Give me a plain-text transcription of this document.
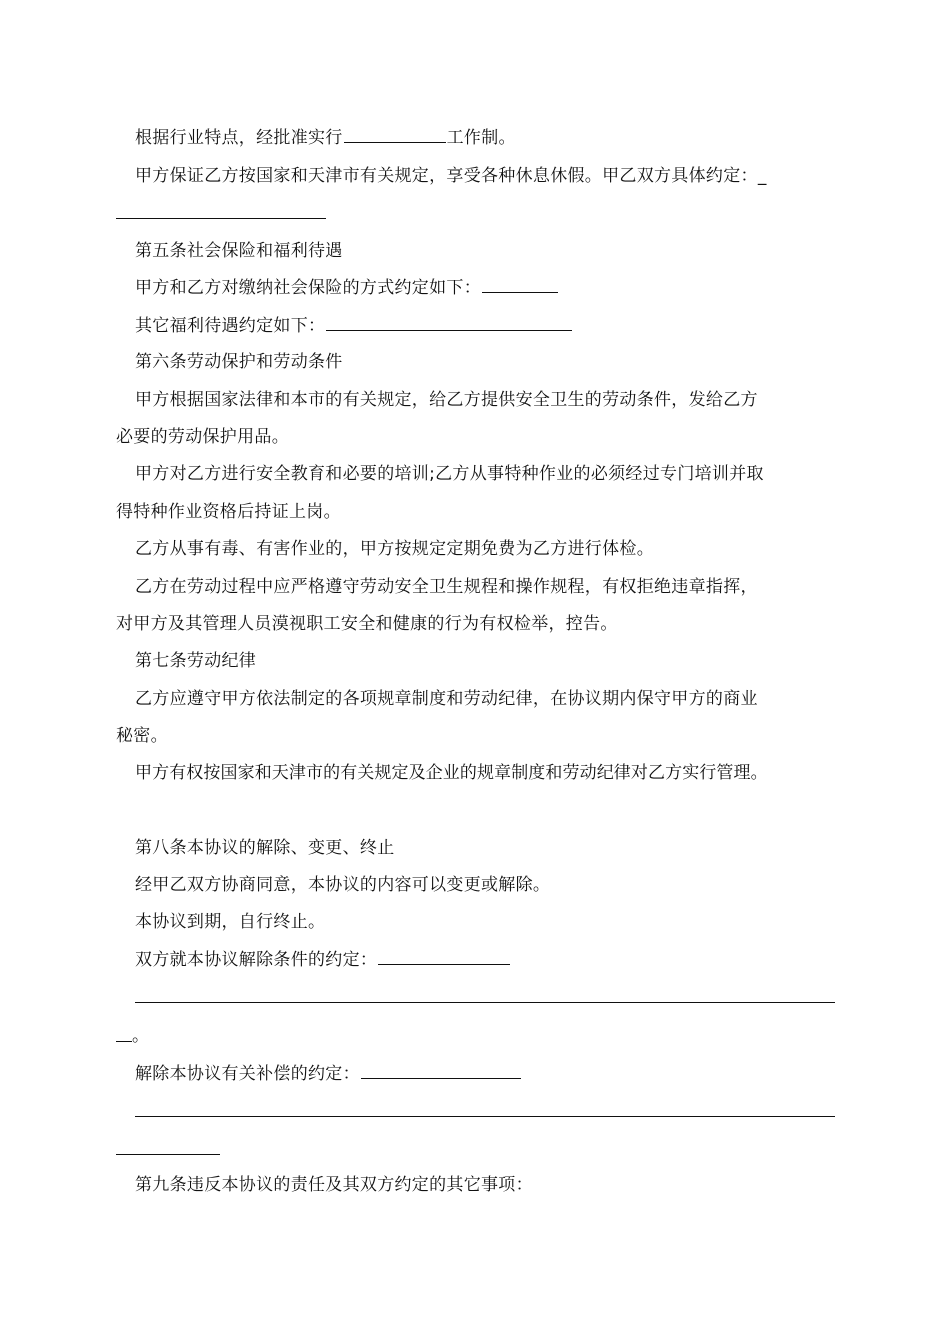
根据行业特点，经批准实行	工作制。
甲方保证乙方按国家和天津市有关规定，享受各种休息休假。甲乙双方具体约定：_
第五条社会保险和福利待遇
甲方和乙方对缴纳社会保险的方式约定如下：
其它福利待遇约定如下：
第六条劳动保护和劳动条件
甲方根据国家法律和本市的有关规定，给乙方提供安全卫生的劳动条件，发给乙方
必要的劳动保护用品。
甲方对乙方进行安全教育和必要的培训;乙方从事特种作业的必须经过专门培训并取
得特种作业资格后持证上岗。
乙方从事有毒、有害作业的，甲方按规定定期免费为乙方进行体检。
乙方在劳动过程中应严格遵守劳动安全卫生规程和操作规程，有权拒绝违章指挥，
对甲方及其管理人员漠视职工安全和健康的行为有权检举，控告。
第七条劳动纪律
乙方应遵守甲方依法制定的各项规章制度和劳动纪律，在协议期内保守甲方的商业
秘密。
甲方有权按国家和天津市的有关规定及企业的规章制度和劳动纪律对乙方实行管理。
第八条本协议的解除、变更、终止
经甲乙双方协商同意，本协议的内容可以变更或解除。
本协议到期，自行终止。
双方就本协议解除条件的约定：
。
解除本协议有关补偿的约定：
第九条违反本协议的责任及其双方约定的其它事项：
